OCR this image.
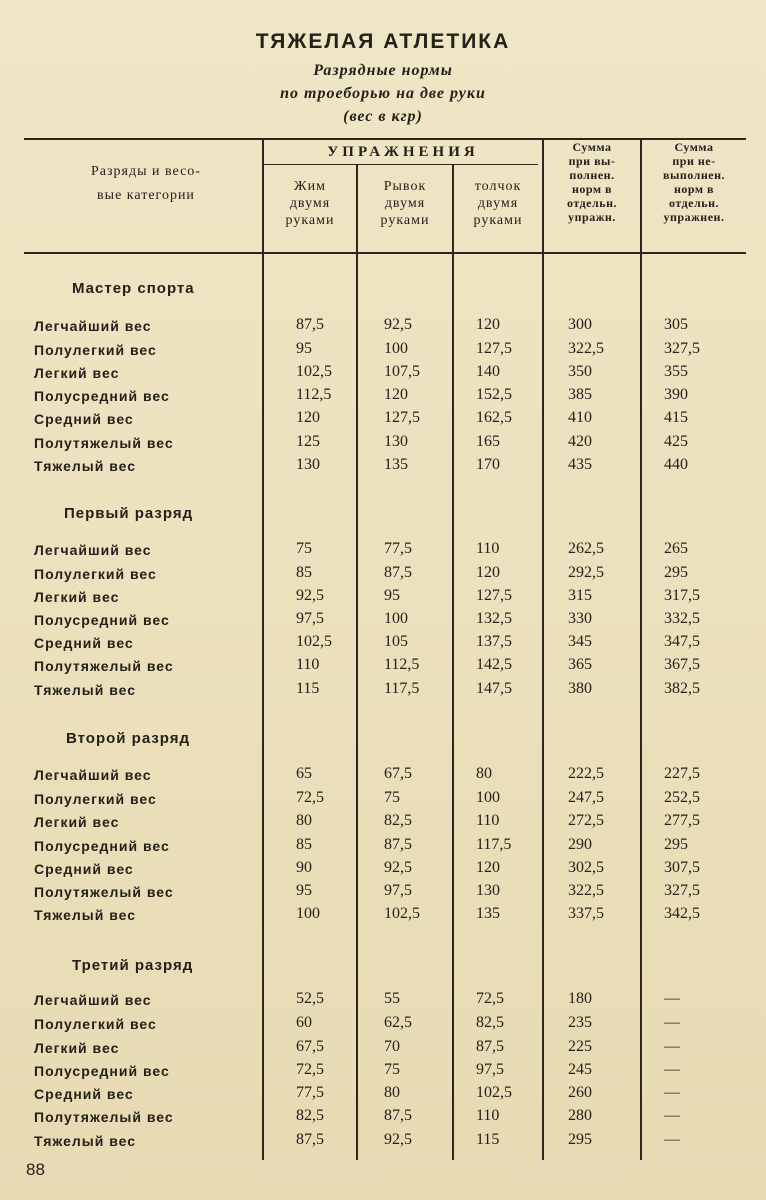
ТЯЖЕЛАЯ АТЛЕТИКА
Разрядные нормы
по троеборью на две руки
(вес в кгр)
Разряды и весо-
вые категории
УПРАЖНЕНИЯ
Жим
двумя
руками
Рывок
двумя
руками
толчок
двумя
руками
Сумма
при вы-
полнен.
норм в
отдельн.
упражн.
Сумма
при не-
выполнен.
норм в
отдельн.
упражнен.
Мастер спорта
Легчайший вес	87,5	92,5	120	300	305
Полулегкий вес	95	100	127,5	322,5	327,5
Легкий вес	102,5	107,5	140	350	355
Полусредний вес	112,5	120	152,5	385	390
Средний вес	120	127,5	162,5	410	415
Полутяжелый вес	125	130	165	420	425
Тяжелый вес	130	135	170	435	440
Первый разряд
Легчайший вес	75	77,5	110	262,5	265
Полулегкий вес	85	87,5	120	292,5	295
Легкий вес	92,5	95	127,5	315	317,5
Полусредний вес	97,5	100	132,5	330	332,5
Средний вес	102,5	105	137,5	345	347,5
Полутяжелый вес	110	112,5	142,5	365	367,5
Тяжелый вес	115	117,5	147,5	380	382,5
Второй разряд
Легчайший вес	65	67,5	80	222,5	227,5
Полулегкий вес	72,5	75	100	247,5	252,5
Легкий вес	80	82,5	110	272,5	277,5
Полусредний вес	85	87,5	117,5	290	295
Средний вес	90	92,5	120	302,5	307,5
Полутяжелый вес	95	97,5	130	322,5	327,5
Тяжелый вес	100	102,5	135	337,5	342,5
Третий разряд
Легчайший вес	52,5	55	72,5	180	—
Полулегкий вес	60	62,5	82,5	235	—
Легкий вес	67,5	70	87,5	225	—
Полусредний вес	72,5	75	97,5	245	—
Средний вес	77,5	80	102,5	260	—
Полутяжелый вес	82,5	87,5	110	280	—
Тяжелый вес	87,5	92,5	115	295	—
88
